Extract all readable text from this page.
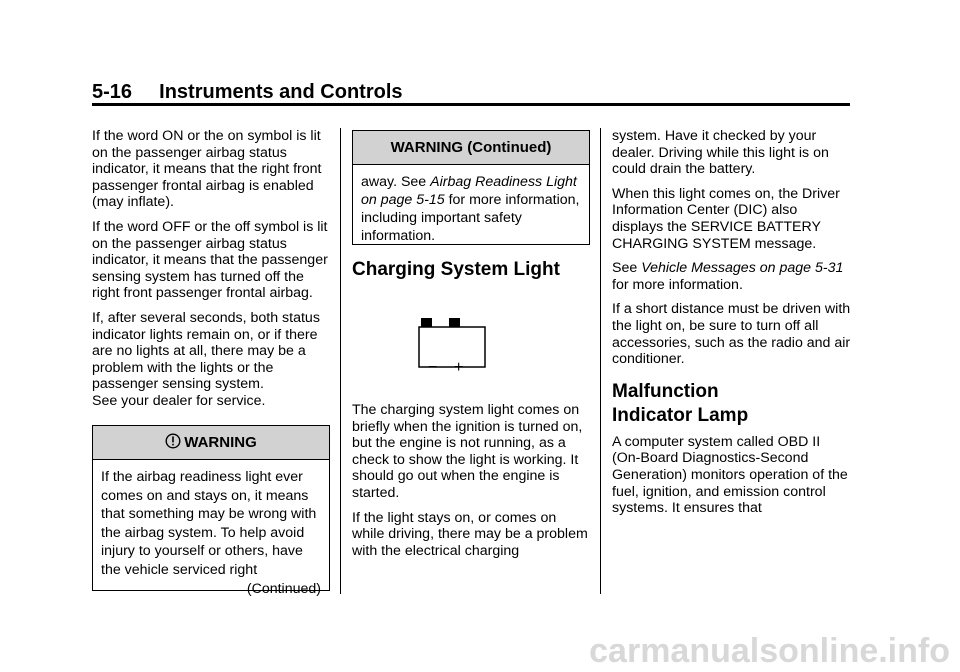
5-16 Instruments and Controls

If the word ON or the on symbol is lit on the passenger airbag status indicator, it means that the right front passenger frontal airbag is enabled (may inflate).

If the word OFF or the off symbol is lit on the passenger airbag status indicator, it means that the passenger sensing system has turned off the right front passenger frontal airbag.

If, after several seconds, both status indicator lights remain on, or if there are no lights at all, there may be a problem with the lights or the passenger sensing system.

See your dealer for service.

WARNING
If the airbag readiness light ever comes on and stays on, it means that something may be wrong with the airbag system. To help avoid injury to yourself or others, have the vehicle serviced right
(Continued)
WARNING (Continued)
away. See Airbag Readiness Light on page 5-15 for more information, including important safety information.
Charging System Light
− +

The charging system light comes on briefly when the ignition is turned on, but the engine is not running, as a check to show the light is working. It should go out when the engine is started.

If the light stays on, or comes on while driving, there may be a problem with the electrical charging

system. Have it checked by your dealer. Driving while this light is on could drain the battery.

When this light comes on, the Driver Information Center (DIC) also displays the SERVICE BATTERY CHARGING SYSTEM message.

See Vehicle Messages on page 5-31 for more information.

If a short distance must be driven with the light on, be sure to turn off all accessories, such as the radio and air conditioner.

Malfunction
Indicator Lamp

A computer system called OBD II (On-Board Diagnostics-Second Generation) monitors operation of the fuel, ignition, and emission control systems. It ensures that

carmanualsonline.info
